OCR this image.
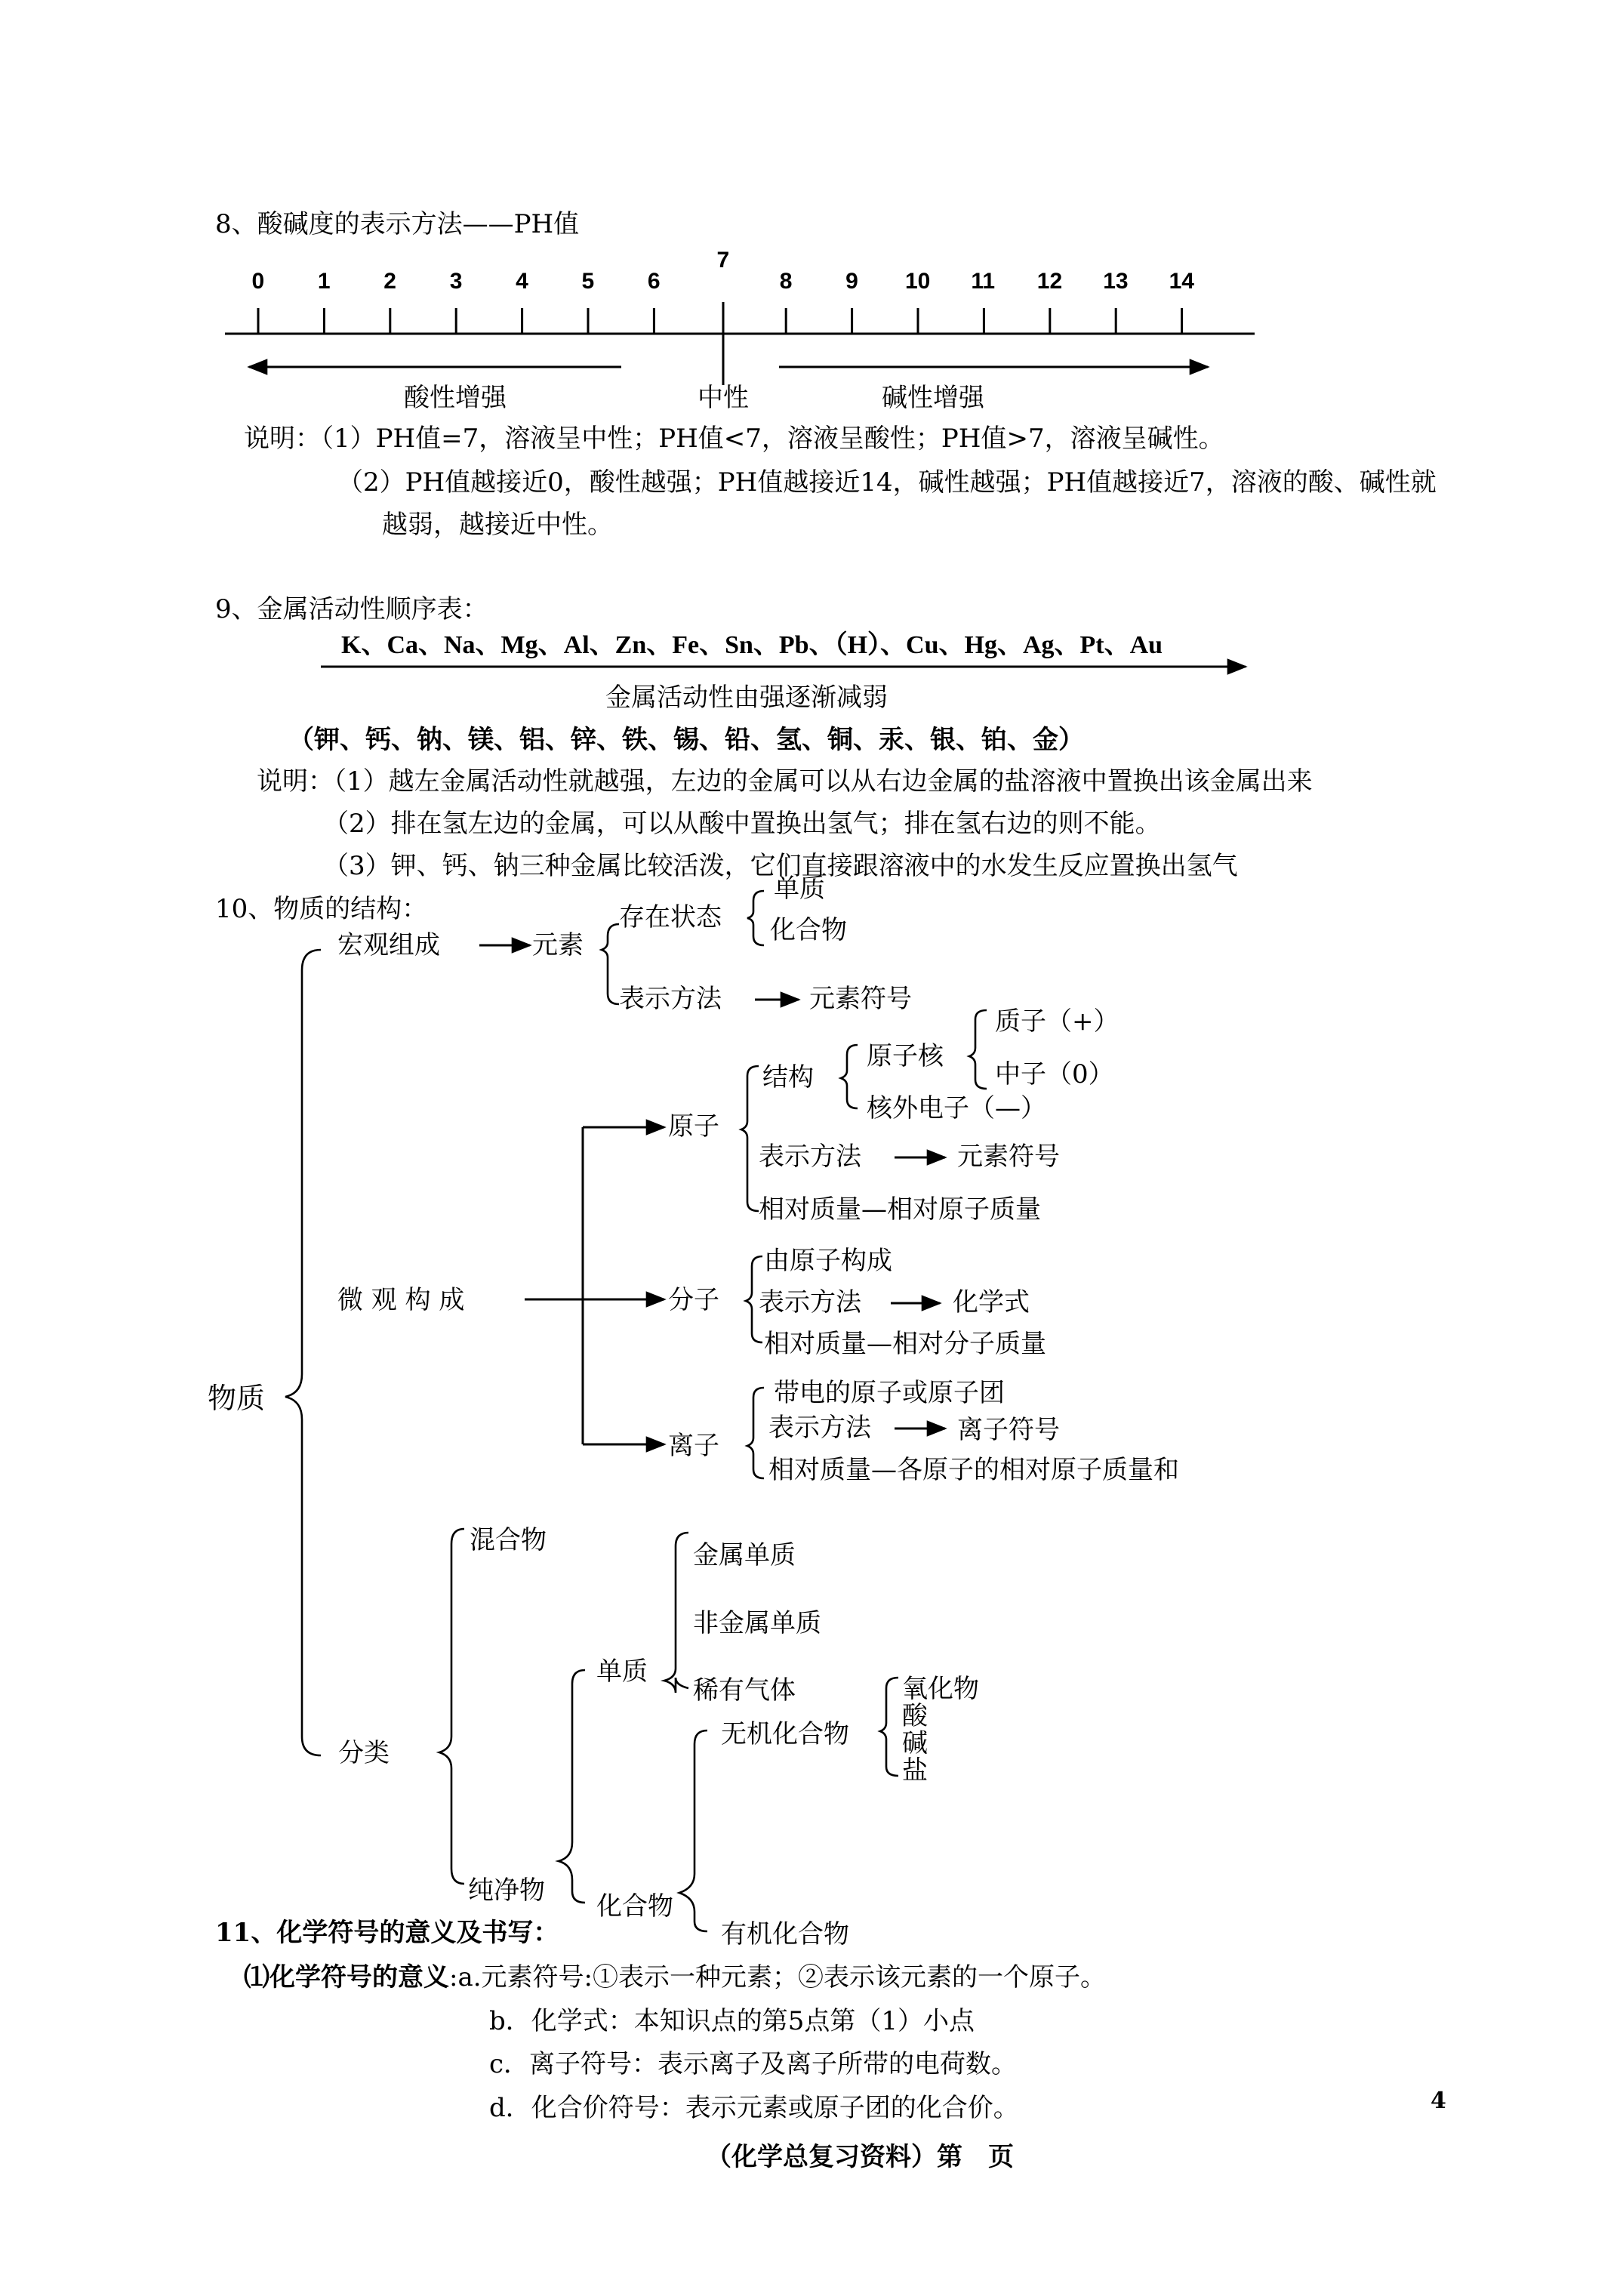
8、酸碱度的表示方法——PH值
0 1 2 3 4 5 6
7
8 9 10 11 12 13 14
酸性增强	中性	碱性增强
说明：（1）PH值=7，溶液呈中性；PH值<7，溶液呈酸性；PH值>7，溶液呈碱性。
（2）PH值越接近0，酸性越强；PH值越接近14，碱性越强；PH值越接近7，溶液的酸、碱性就
越弱，越接近中性。
9、金属活动性顺序表：
K、Ca、Na、Mg、Al、Zn、Fe、Sn、Pb、（H）、Cu、Hg、Ag、Pt、Au
金属活动性由强逐渐减弱
（钾、钙、钠、镁、铝、锌、铁、锡、铅、氢、铜、汞、银、铂、金）
说明：（1）越左金属活动性就越强，左边的金属可以从右边金属的盐溶液中置换出该金属出来
（2）排在氢左边的金属，可以从酸中置换出氢气；排在氢右边的则不能。
（3）钾、钙、钠三种金属比较活泼，它们直接跟溶液中的水发生反应置换出氢气
10、物质的结构：
物质
宏观组成	元素
存在状态
单质
化合物
表示方法	元素符号
微 观 构 成
原子
结构
原子核
质子（+）
中子（0）
核外电子（—）
表示方法	元素符号
相对质量—相对原子质量
分子
由原子构成
表示方法	化学式
相对质量—相对分子质量
离子
带电的原子或原子团
表示方法	离子符号
相对质量—各原子的相对原子质量和
分类
混合物
纯净物
单质
金属单质
非金属单质
稀有气体
化合物
无机化合物
氧化物
酸
碱
盐
有机化合物
11、化学符号的意义及书写：
⑴化学符号的意义:a.元素符号:①表示一种元素；②表示该元素的一个原子。
b．化学式：本知识点的第5点第（1）小点
c．离子符号：表示离子及离子所带的电荷数。
d．化合价符号：表示元素或原子团的化合价。	4
（化学总复习资料）第　页
